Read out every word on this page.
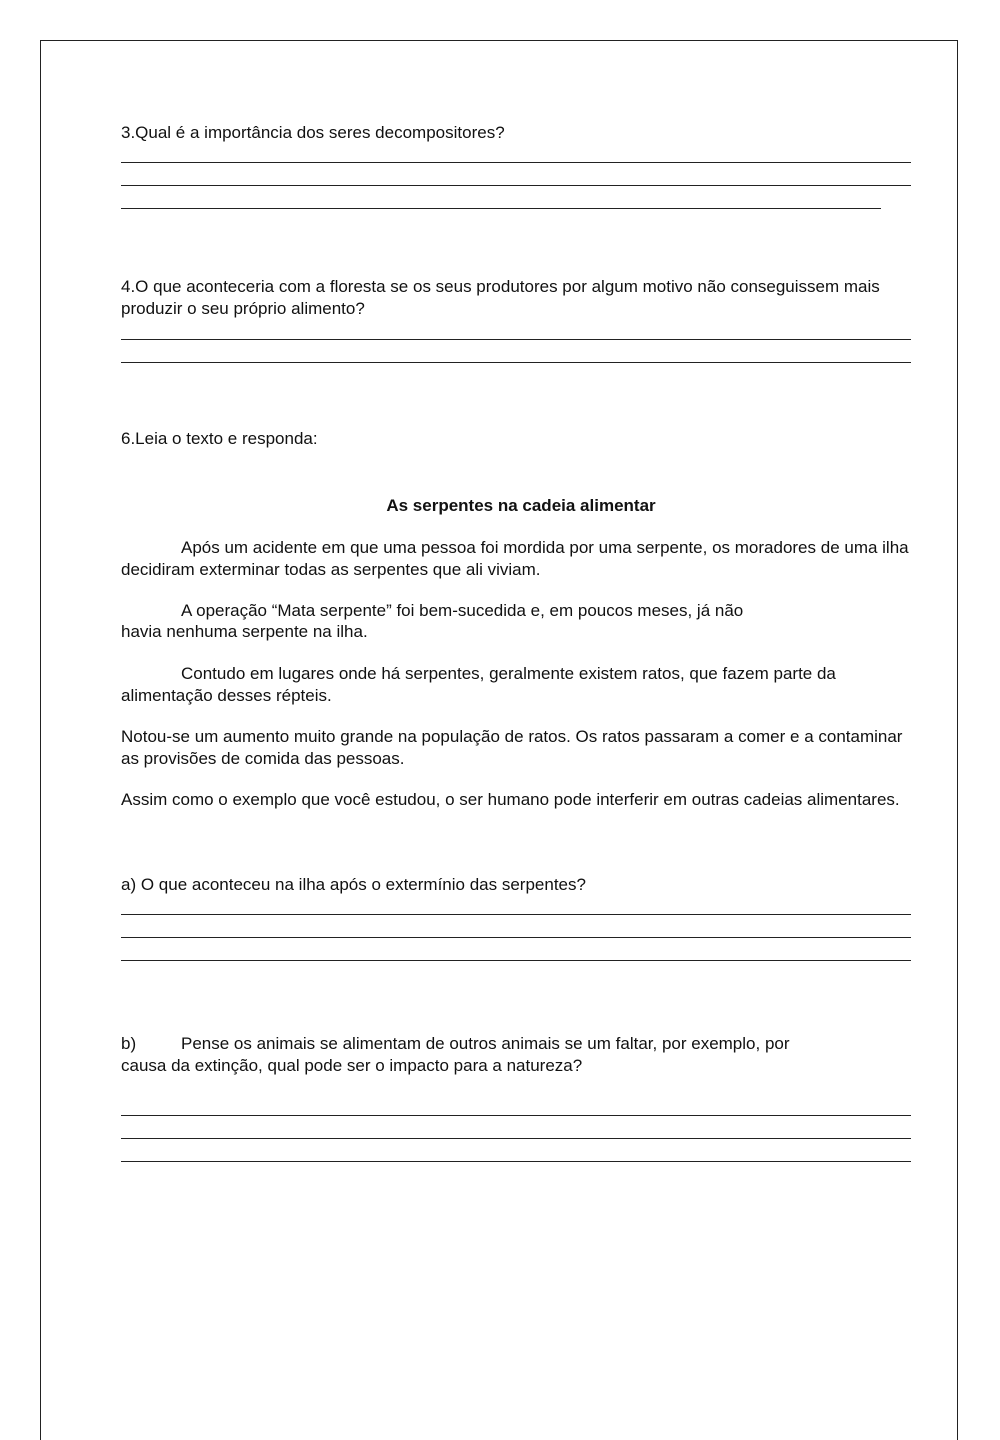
3.Qual é a importância dos seres decompositores?

4.O que aconteceria com a floresta se os seus produtores por algum motivo não conseguissem mais produzir o seu próprio alimento?

6.Leia o texto e responda:

As serpentes na cadeia alimentar

Após um acidente em que uma pessoa foi mordida por uma serpente, os moradores de uma ilha decidiram exterminar todas as serpentes que ali viviam.

A operação “Mata serpente” foi bem-sucedida e, em poucos meses, já não

havia nenhuma serpente na ilha.

Contudo em lugares onde há serpentes, geralmente existem ratos, que fazem parte da alimentação desses répteis.

Notou-se um aumento muito grande na população de ratos. Os ratos passaram a comer e a contaminar as provisões de comida das pessoas.

Assim como o exemplo que você estudou, o ser humano pode interferir em outras cadeias alimentares.

a) O que aconteceu na ilha após o extermínio das serpentes?

b)	Pense os animais se alimentam de outros animais se um faltar, por exemplo, por

causa da extinção, qual pode ser o impacto para a natureza?
